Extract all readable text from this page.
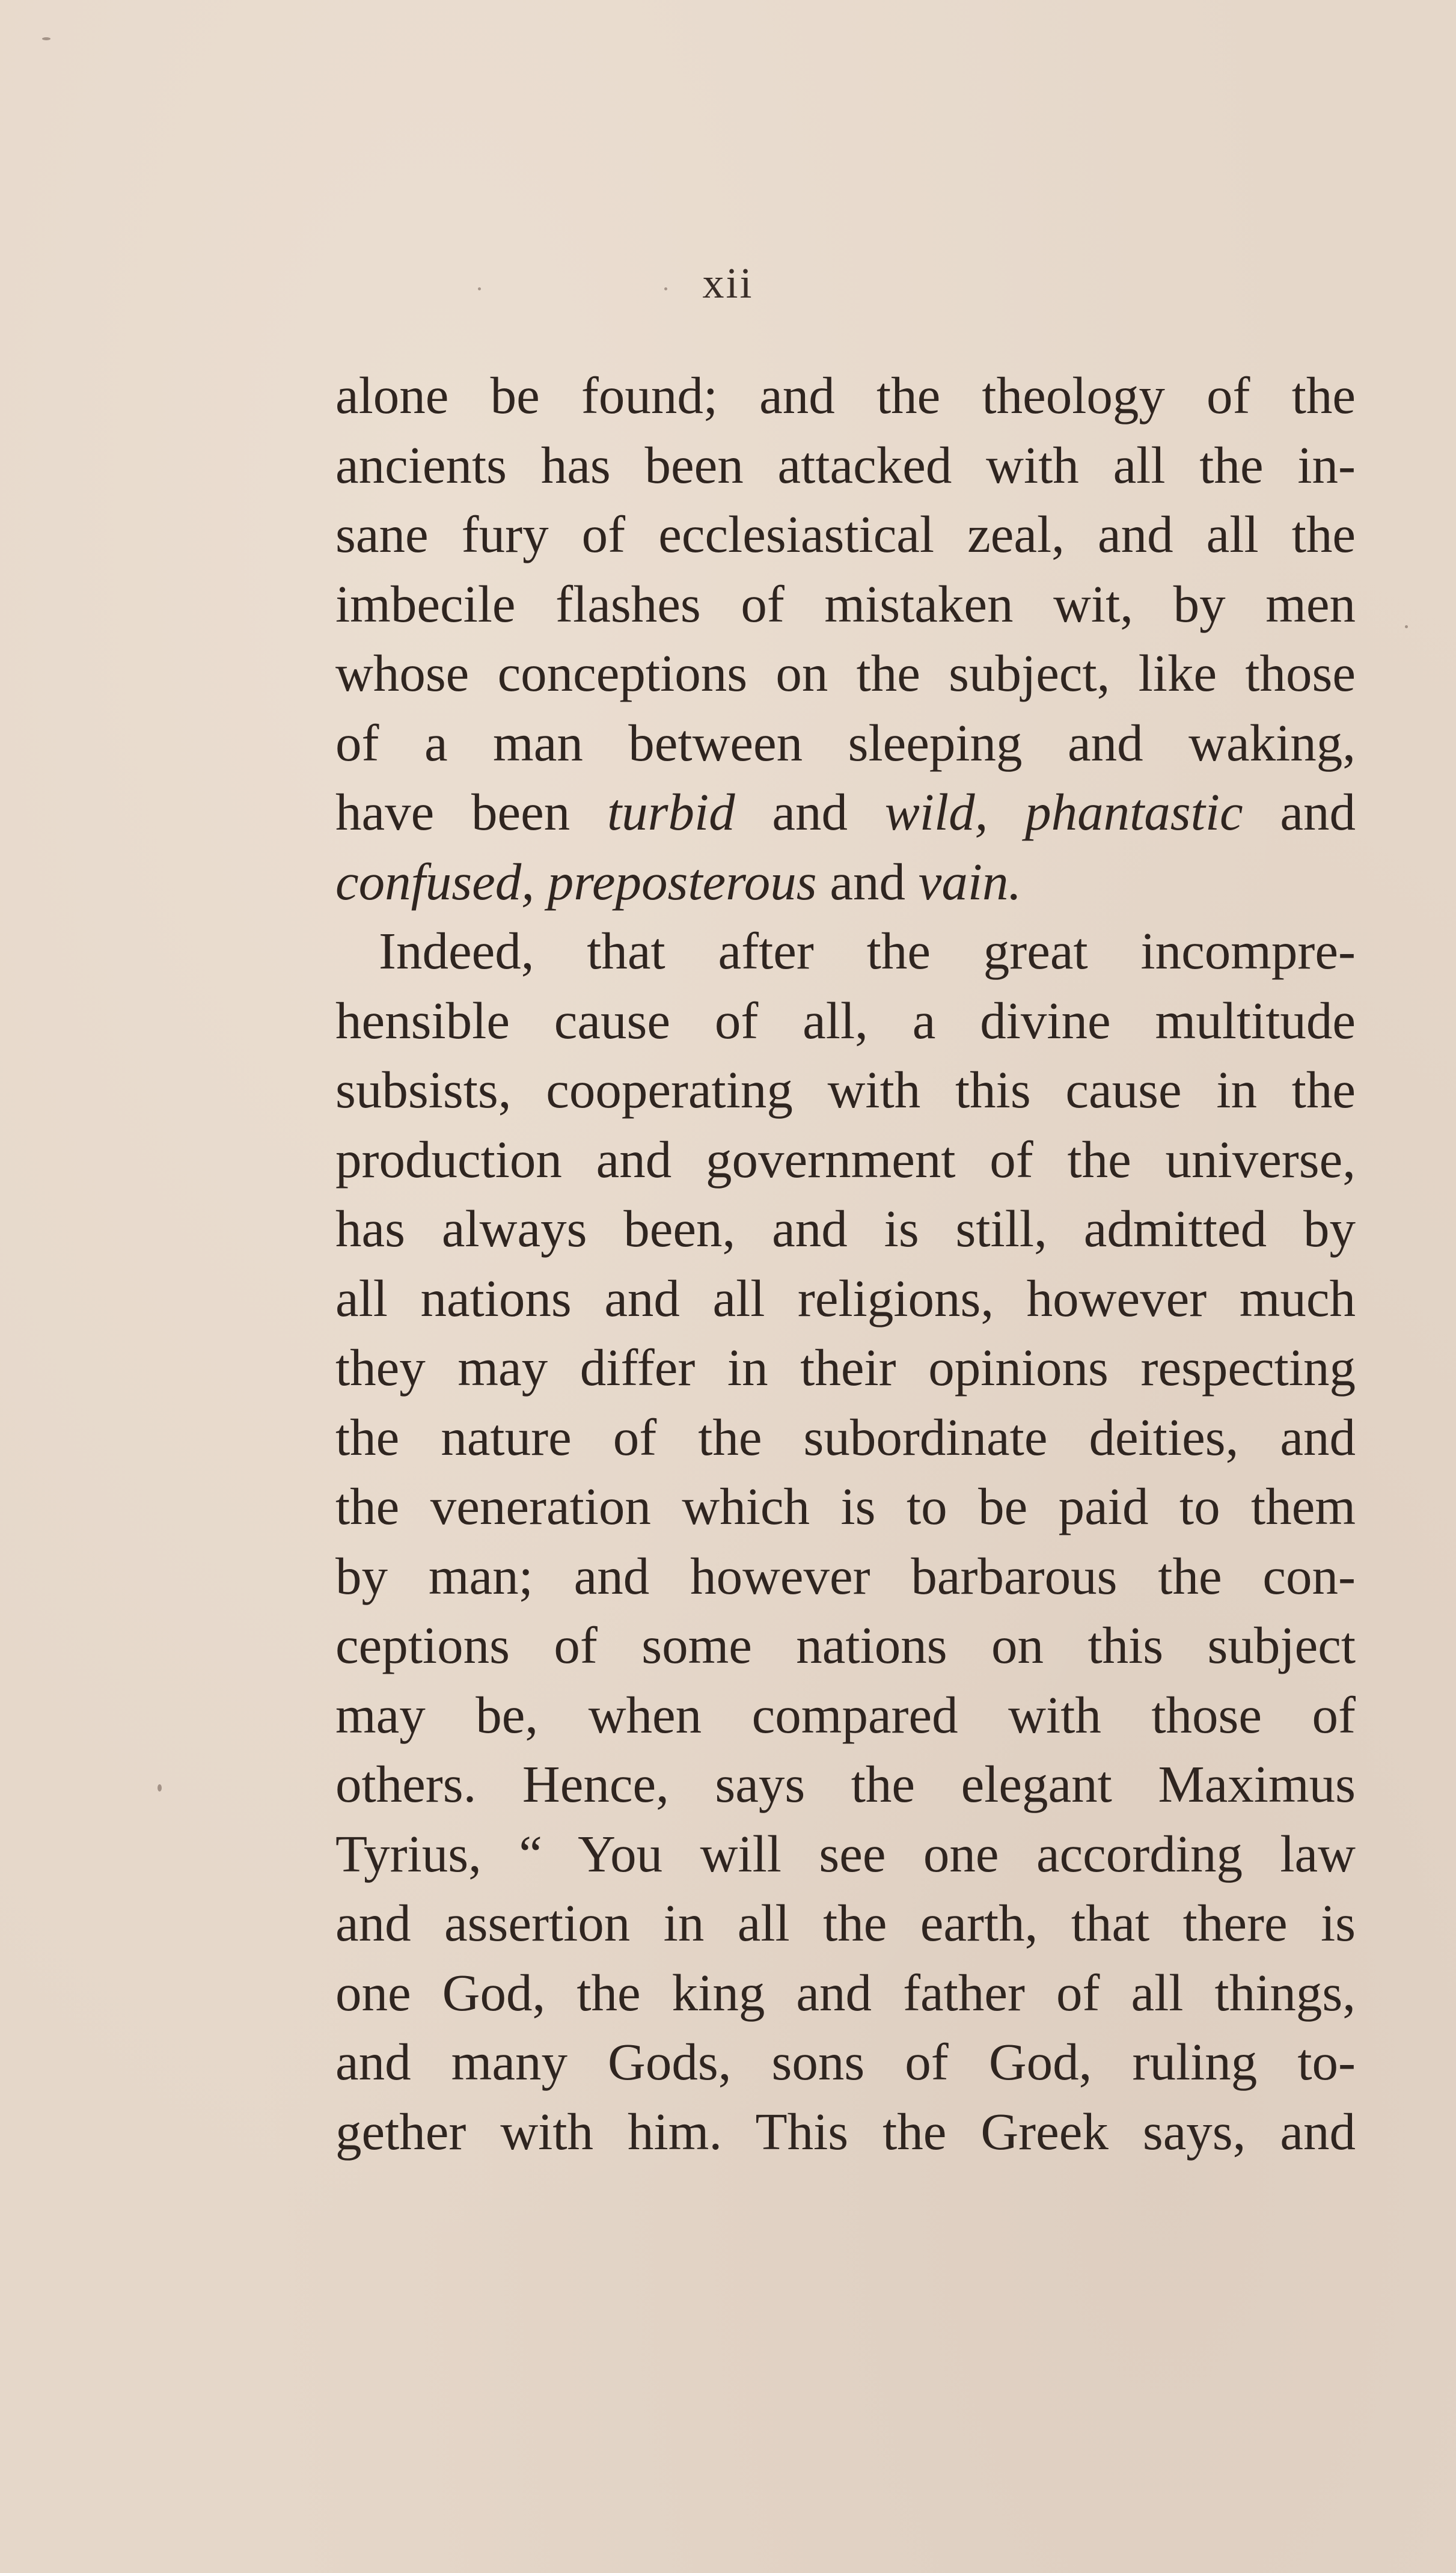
xii
alone be found; and the theology of the
ancients has been attacked with all the in-
sane fury of ecclesiastical zeal, and all the
imbecile flashes of mistaken wit, by men
whose conceptions on the subject, like those
of a man between sleeping and waking,
have been turbid and wild, phantastic and
confused, preposterous and vain.
Indeed, that after the great incompre-
hensible cause of all, a divine multitude
subsists, cooperating with this cause in the
production and government of the universe,
has always been, and is still, admitted by
all nations and all religions, however much
they may differ in their opinions respecting
the nature of the subordinate deities, and
the veneration which is to be paid to them
by man; and however barbarous the con-
ceptions of some nations on this subject
may be, when compared with those of
others. Hence, says the elegant Maximus
Tyrius, “ You will see one according law
and assertion in all the earth, that there is
one God, the king and father of all things,
and many Gods, sons of God, ruling to-
gether with him. This the Greek says, and
